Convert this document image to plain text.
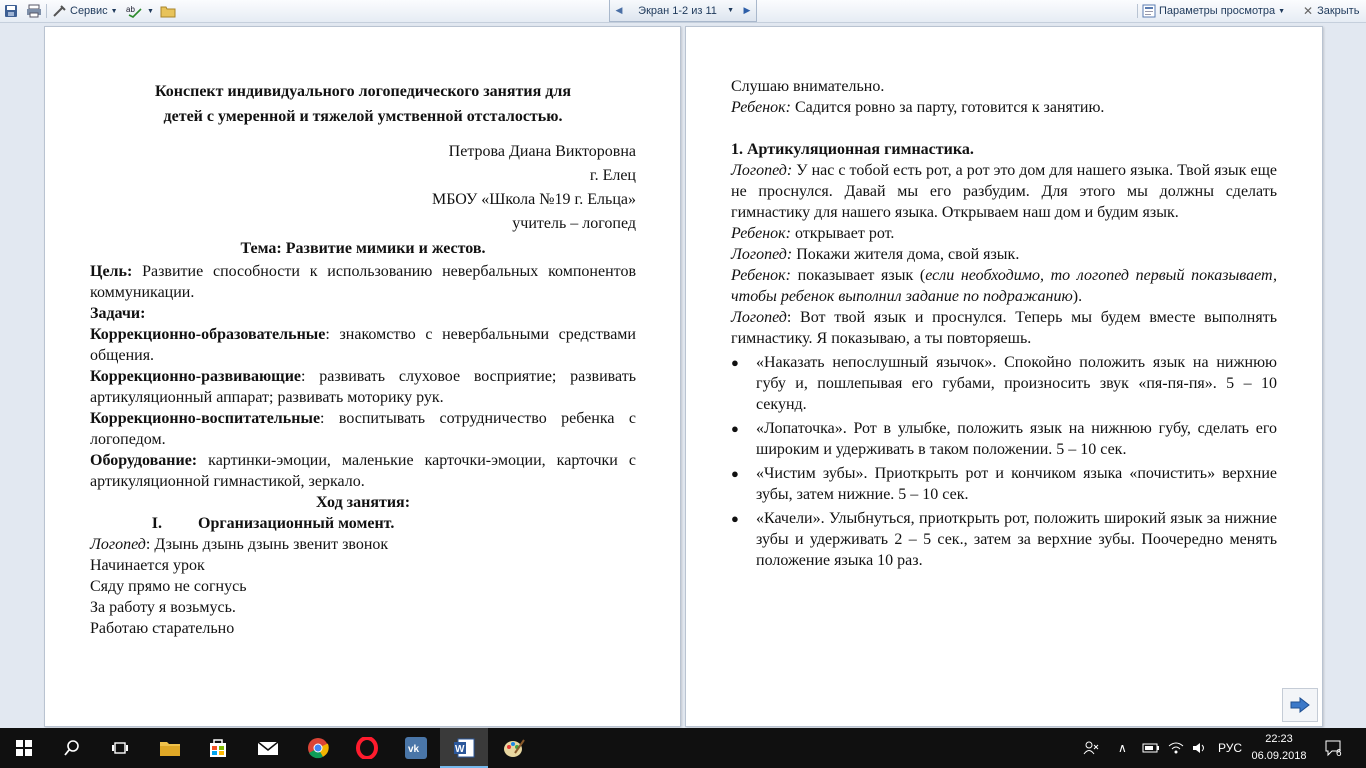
Сервис ▼ ab ▼	◀	Экран 1-2 из 11	▼	▶	Параметры просмотра ▼ ✕ Закрыть

Конспект индивидуального логопедического занятия для
детей с умеренной и тяжелой умственной отсталостью.

Петрова Диана Викторовна

г. Елец

МБОУ «Школа №19 г. Ельца»

учитель – логопед

Тема: Развитие мимики и жестов.

Цель: Развитие способности к использованию невербальных компонентов коммуникации.

Задачи:

Коррекционно-образовательные: знакомство с невербальными средствами общения.

Коррекционно-развивающие: развивать слуховое восприятие; развивать артикуляционный аппарат; развивать моторику рук.

Коррекционно-воспитательные: воспитывать сотрудничество ребенка с логопедом.

Оборудование: картинки-эмоции, маленькие карточки-эмоции, карточки с артикуляционной гимнастикой, зеркало.

Ход занятия:

I. Организационный момент.

Логопед: Дзынь дзынь дзынь звенит звонок

Начинается урок

Сяду прямо не согнусь

За работу я возьмусь.

Работаю старательно

Слушаю внимательно.

Ребенок: Садится ровно за парту, готовится к занятию.

1. Артикуляционная гимнастика.

Логопед: У нас с тобой есть рот, а рот это дом для нашего языка. Твой язык еще не проснулся. Давай мы его разбудим. Для этого мы должны сделать гимнастику для нашего языка. Открываем наш дом и будим язык.

Ребенок: открывает рот.

Логопед: Покажи жителя дома, свой язык.

Ребенок: показывает язык (если необходимо, то логопед первый показывает, чтобы ребенок выполнил задание по подражанию).

Логопед: Вот твой язык и проснулся. Теперь мы будем вместе выполнять гимнастику. Я показываю, а ты повторяешь.

●	«Наказать непослушный язычок». Спокойно положить язык на нижнюю губу и, пошлепывая его губами, произносить звук «пя-пя-пя». 5 – 10 секунд.
●	«Лопаточка». Рот в улыбке, положить язык на нижнюю губу, сделать его широким и удерживать в таком положении. 5 – 10 сек.
●	«Чистим зубы». Приоткрыть рот и кончиком языка «почистить» верхние зубы, затем нижние. 5 – 10 сек.
●	«Качели». Улыбнуться, приоткрыть рот, положить широкий язык за нижние зубы и удерживать 2 – 5 сек., затем за верхние зубы. Поочередно менять положение языка 10 раз.
vk	W	∧	РУС
22:23
06.09.2018	6
